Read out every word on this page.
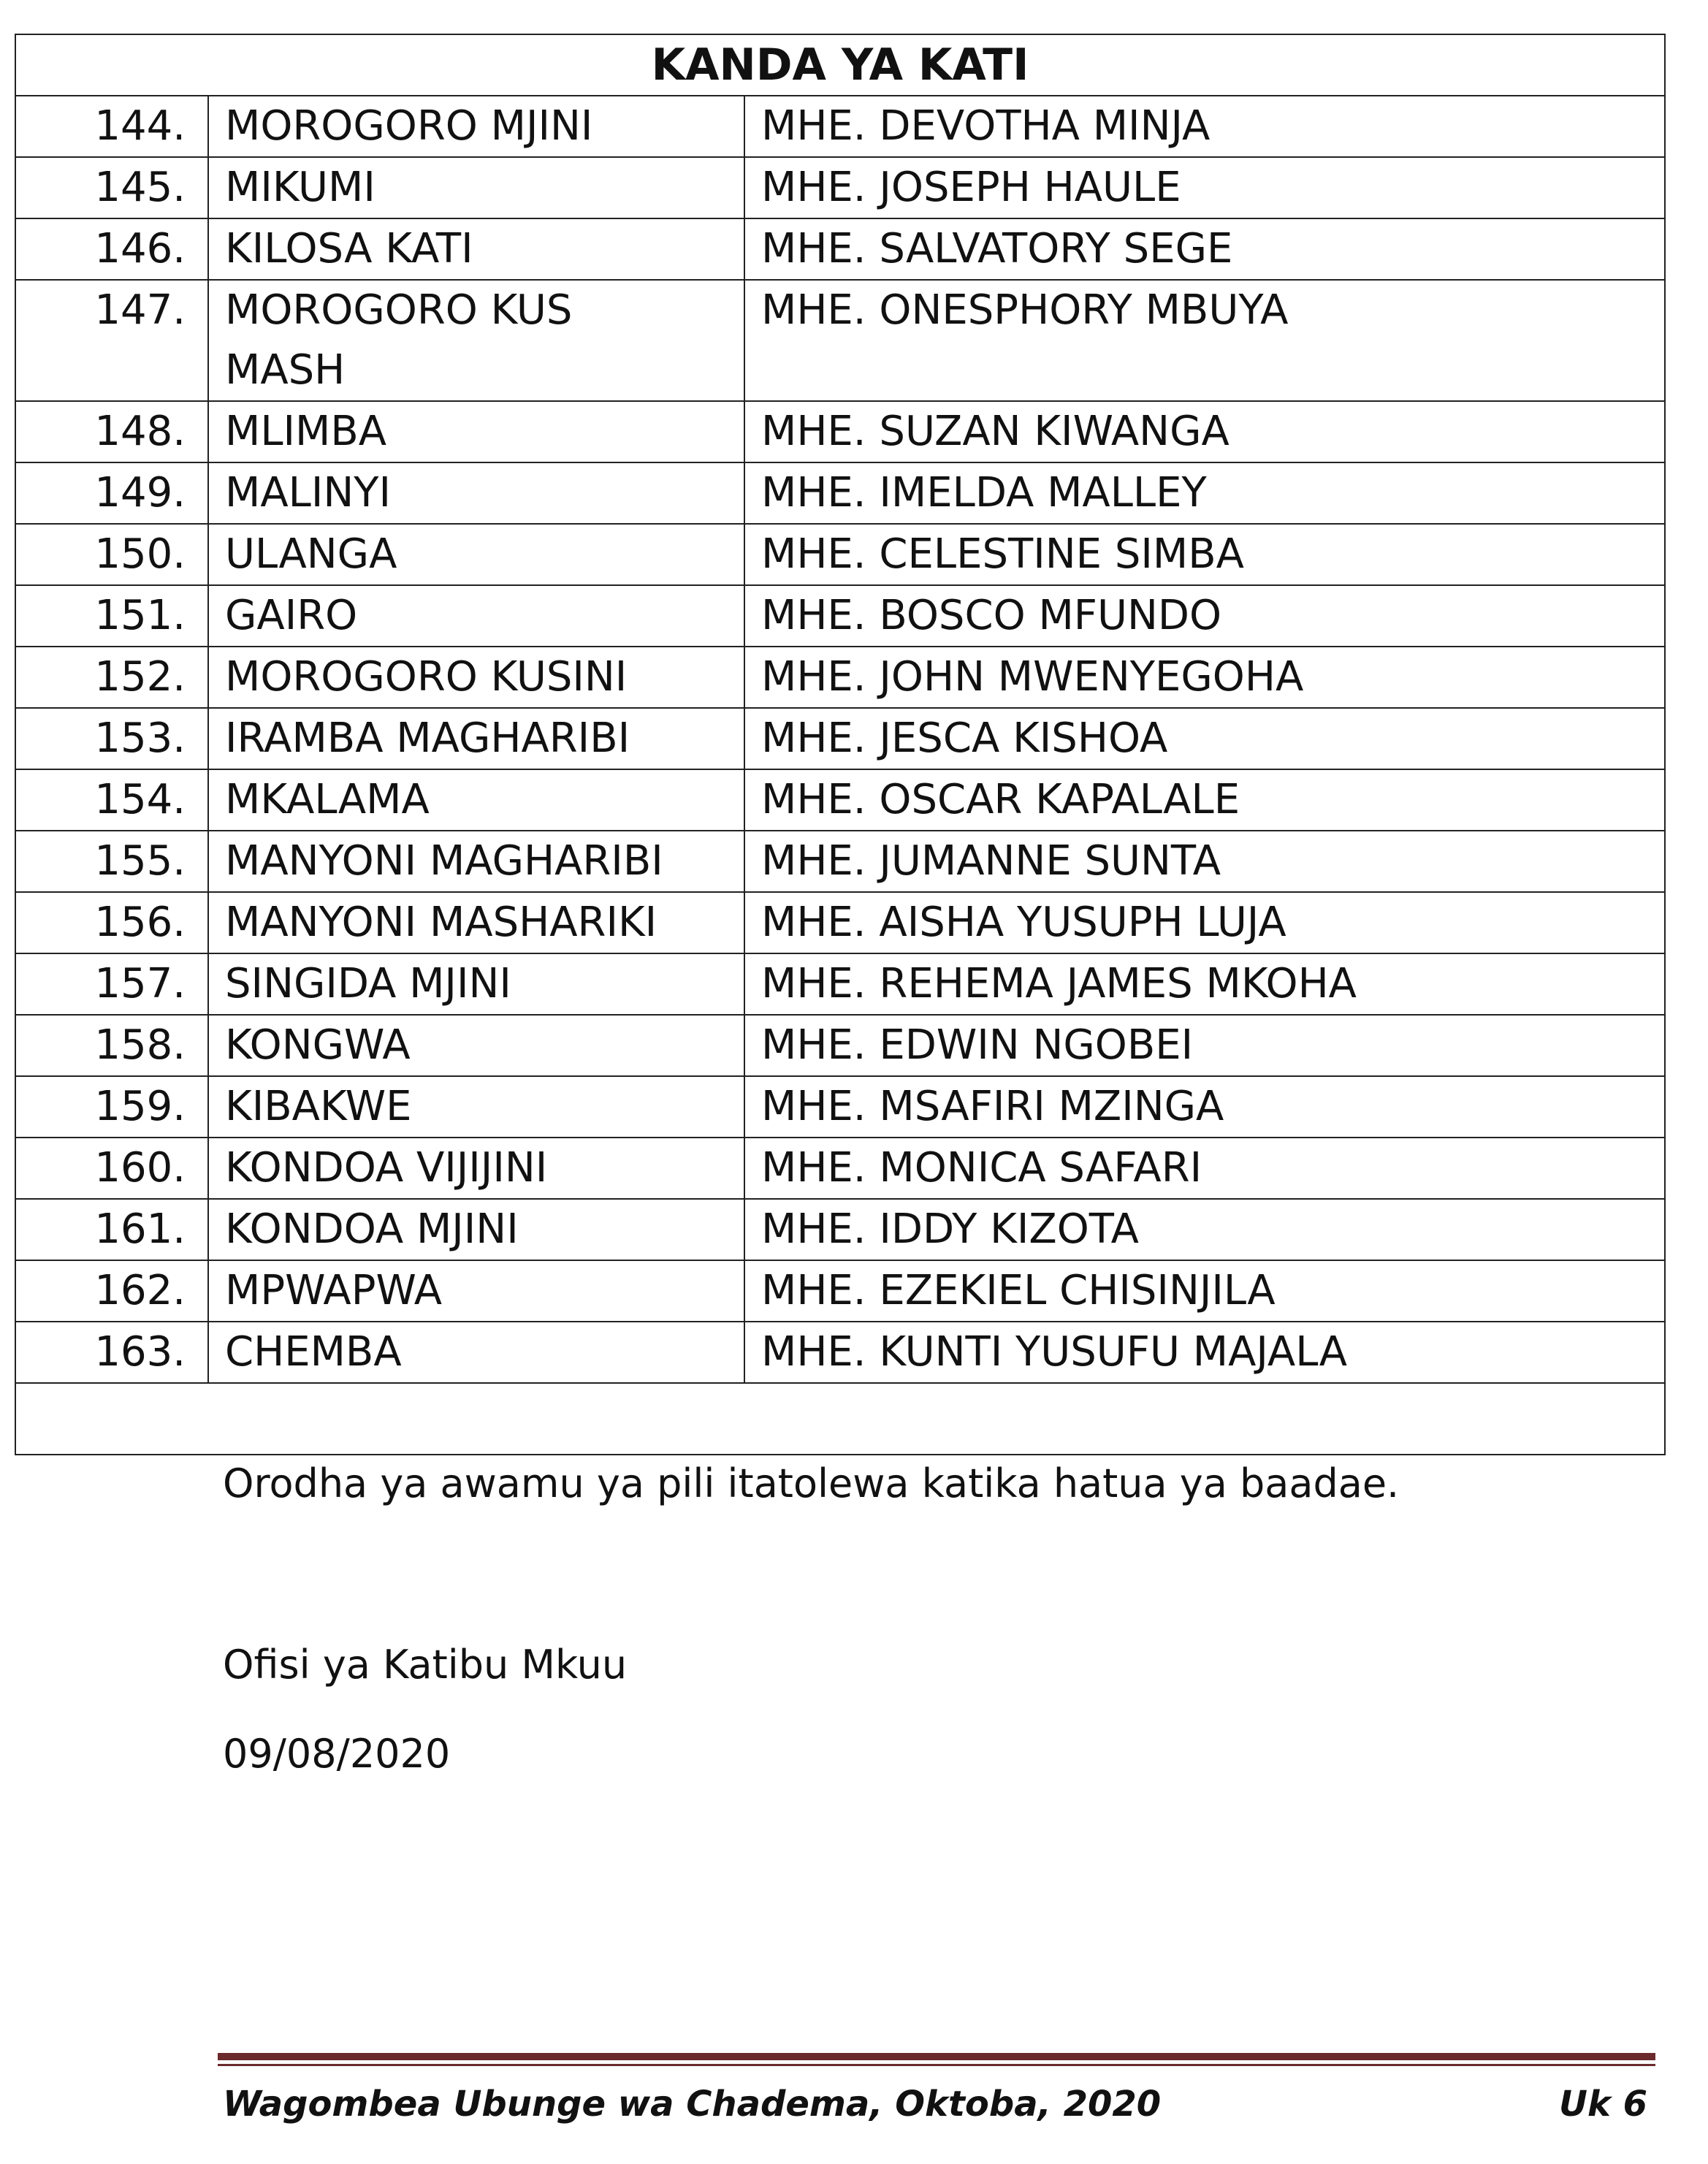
KANDA YA KATI		
144.	MOROGORO MJINI	MHE. DEVOTHA MINJA
145.	MIKUMI	MHE. JOSEPH HAULE
146.	KILOSA KATI	MHE. SALVATORY SEGE
147.	MOROGORO KUS MASH	MHE. ONESPHORY MBUYA
148.	MLIMBA	MHE. SUZAN KIWANGA
149.	MALINYI	MHE. IMELDA MALLEY
150.	ULANGA	MHE. CELESTINE SIMBA
151.	GAIRO	MHE. BOSCO MFUNDO
152.	MOROGORO KUSINI	MHE. JOHN MWENYEGOHA
153.	IRAMBA MAGHARIBI	MHE. JESCA KISHOA
154.	MKALAMA	MHE. OSCAR KAPALALE
155.	MANYONI MAGHARIBI	MHE. JUMANNE SUNTA
156.	MANYONI MASHARIKI	MHE. AISHA YUSUPH LUJA
157.	SINGIDA MJINI	MHE. REHEMA JAMES MKOHA
158.	KONGWA	MHE. EDWIN NGOBEI
159.	KIBAKWE	MHE. MSAFIRI MZINGA
160.	KONDOA VIJIJINI	MHE. MONICA SAFARI
161.	KONDOA MJINI	MHE. IDDY KIZOTA
162.	MPWAPWA	MHE. EZEKIEL CHISINJILA
163.	CHEMBA	MHE. KUNTI YUSUFU MAJALA

Orodha ya awamu ya pili itatolewa katika hatua ya baadae.
Ofisi ya Katibu Mkuu
09/08/2020
Wagombea Ubunge wa Chadema, Oktoba, 2020	Uk 6
